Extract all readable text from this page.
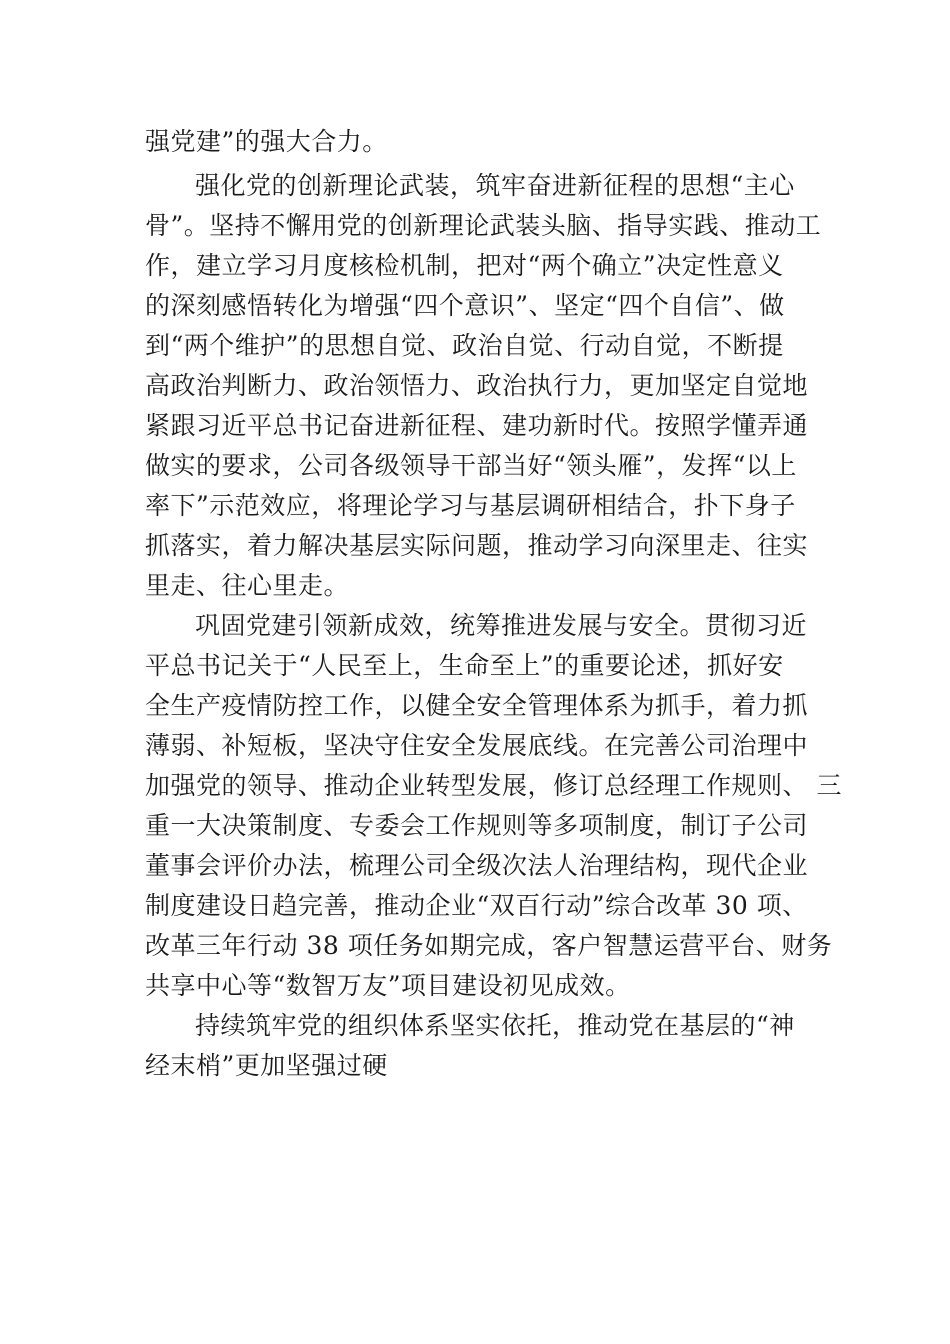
强党建”的强大合力。

强化党的创新理论武装，筑牢奋进新征程的思想“主心

骨”。坚持不懈用党的创新理论武装头脑、指导实践、推动工

作，建立学习月度核检机制，把对“两个确立”决定性意义

的深刻感悟转化为增强“四个意识”、坚定“四个自信”、做

到“两个维护”的思想自觉、政治自觉、行动自觉，不断提

高政治判断力、政治领悟力、政治执行力，更加坚定自觉地

紧跟习近平总书记奋进新征程、建功新时代。按照学懂弄通

做实的要求，公司各级领导干部当好“领头雁”，发挥“以上

率下”示范效应，将理论学习与基层调研相结合，扑下身子

抓落实，着力解决基层实际问题，推动学习向深里走、往实

里走、往心里走。

巩固党建引领新成效，统筹推进发展与安全。贯彻习近

平总书记关于“人民至上，生命至上”的重要论述，抓好安

全生产疫情防控工作，以健全安全管理体系为抓手，着力抓

薄弱、补短板，坚决守住安全发展底线。在完善公司治理中

加强党的领导、推动企业转型发展，修订总经理工作规则、 三

重一大决策制度、专委会工作规则等多项制度，制订子公司

董事会评价办法，梳理公司全级次法人治理结构，现代企业

制度建设日趋完善，推动企业“双百行动”综合改革 30 项、

改革三年行动 38 项任务如期完成，客户智慧运营平台、财务

共享中心等“数智万友”项目建设初见成效。

持续筑牢党的组织体系坚实依托，推动党在基层的“神

经末梢”更加坚强过硬
